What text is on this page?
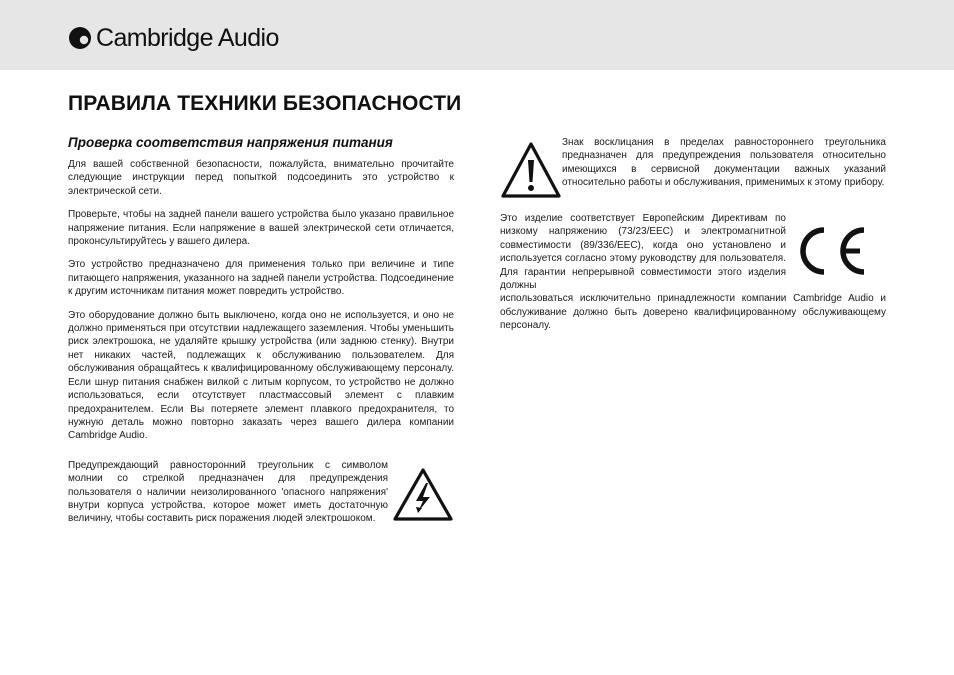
Cambridge Audio
ПРАВИЛА ТЕХНИКИ БЕЗОПАСНОСТИ
Проверка соответствия напряжения питания

Для вашей собственной безопасности, пожалуйста, внимательно прочитайте следующие инструкции перед попыткой подсоединить это устройство к электрической сети.

Проверьте, чтобы на задней панели вашего устройства было указано правильное напряжение питания. Если напряжение в вашей электрической сети отличается, проконсультируйтесь у вашего дилера.

Это устройство предназначено для применения только при величине и типе питающего напряжения, указанного на задней панели устройства. Подсоединение к другим источникам питания может повредить устройство.

Это оборудование должно быть выключено, когда оно не используется, и оно не должно применяться при отсутствии надлежащего заземления. Чтобы уменьшить риск электрошока, не удаляйте крышку устройства (или заднюю стенку). Внутри нет никаких частей, подлежащих к обслуживанию пользователем. Для обслуживания обращайтесь к квалифицированному обслуживающему персоналу. Если шнур питания снабжен вилкой с литым корпусом, то устройство не должно использоваться, если отсутствует пластмассовый элемент с плавким предохранителем. Если Вы потеряете элемент плавкого предохранителя, то нужную деталь можно повторно заказать через вашего дилера компании Cambridge Audio.

Предупреждающий равносторонний треугольник с символом молнии со стрелкой предназначен для предупреждения пользователя о наличии неизолированного 'опасного напряжения' внутри корпуса устройства, которое может иметь достаточную величину, чтобы составить риск поражения людей электрошоком.

Знак восклицания в пределах равностороннего треугольника предназначен для предупреждения пользователя относительно имеющихся в сервисной документации важных указаний относительно работы и обслуживания, применимых к этому прибору.

Это изделие соответствует Европейским Директивам по низкому напряжению (73/23/EEC) и электромагнитной совместимости (89/336/EEC), когда оно установлено и используется согласно этому руководству для пользователя. Для гарантии непрерывной совместимости этого изделия должны

использоваться исключительно принадлежности компании Cambridge Audio и обслуживание должно быть доверено квалифицированному обслуживающему персоналу.
